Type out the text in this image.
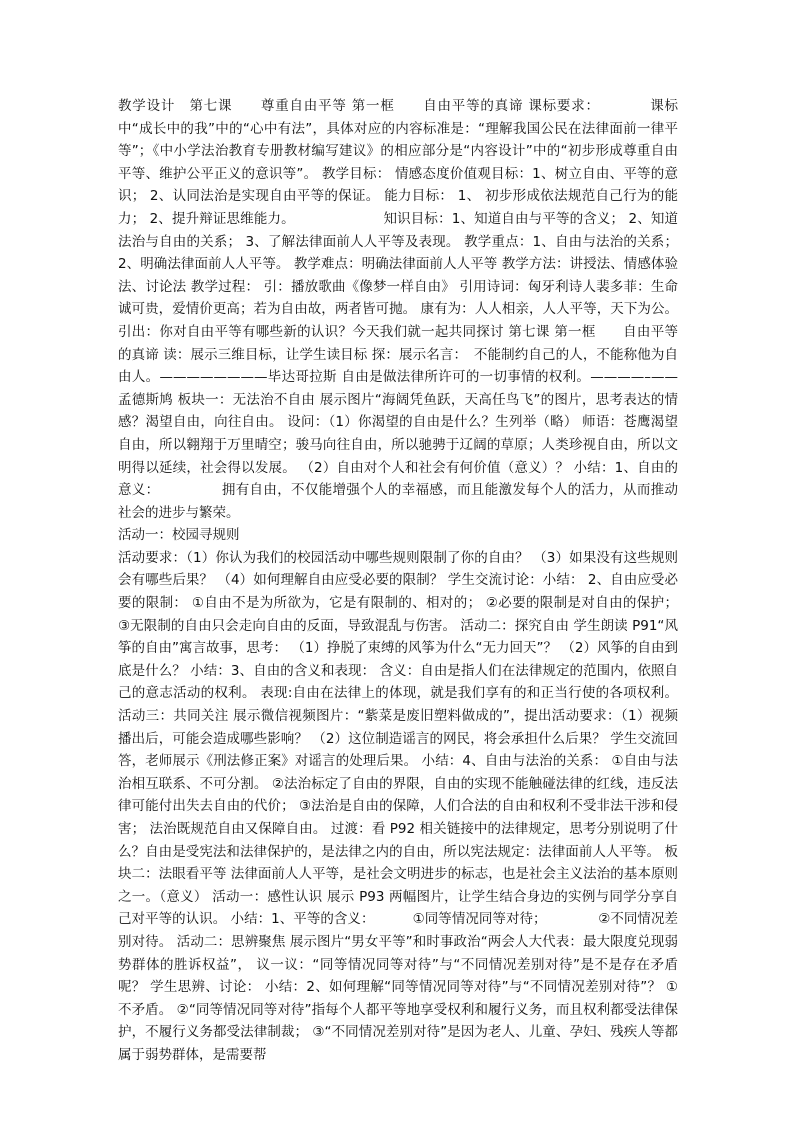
教学设计　第七课　　尊重自由平等 第一框　　自由平等的真谛 课标要求：　　　　课标中“成长中的我”中的“心中有法”，具体对应的内容标准是：“理解我国公民在法律面前一律平等”；《中小学法治教育专册教材编写建议》的相应部分是“内容设计”中的“初步形成尊重自由平等、维护公平正义的意识等”。 教学目标： 情感态度价值观目标：1、树立自由、平等的意识； 2、认同法治是实现自由平等的保证。 能力目标： 1、 初步形成依法规范自己行为的能力； 2、提升辩证思维能力。　　　　　　　知识目标：1、知道自由与平等的含义； 2、知道法治与自由的关系； 3、了解法律面前人人平等及表现。 教学重点：1、自由与法治的关系； 2、明确法律面前人人平等。 教学难点：明确法律面前人人平等 教学方法：讲授法、情感体验法、讨论法 教学过程： 引：播放歌曲《像梦一样自由》 引用诗词：匈牙利诗人裴多菲：生命诚可贵，爱情价更高；若为自由故，两者皆可抛。 康有为：人人相亲，人人平等，天下为公。 引出：你对自由平等有哪些新的认识？今天我们就一起共同探讨 第七课 第一框　　自由平等的真谛 读：展示三维目标，让学生读目标 探：展示名言：　不能制约自己的人，不能称他为自由人。————————毕达哥拉斯 自由是做法律所许可的一切事情的权利。————–——孟德斯鸠 板块一：无法治不自由 展示图片“海阔凭鱼跃，天高任鸟飞”的图片，思考表达的情感？渴望自由，向往自由。 设问：（1）你渴望的自由是什么？生列举（略） 师语：苍鹰渴望自由，所以翱翔于万里晴空；骏马向往自由，所以驰骋于辽阔的草原；人类珍视自由，所以文明得以延续，社会得以发展。 （2）自由对个人和社会有何价值（意义）？ 小结：1、自由的意义：　　　　　拥有自由，不仅能增强个人的幸福感，而且能激发每个人的活力，从而推动社会的进步与繁荣。

活动一：校园寻规则

活动要求：（1）你认为我们的校园活动中哪些规则限制了你的自由？ （3）如果没有这些规则会有哪些后果？ （4）如何理解自由应受必要的限制？ 学生交流讨论：小结： 2、自由应受必要的限制： ①自由不是为所欲为，它是有限制的、相对的； ②必要的限制是对自由的保护； ③无限制的自由只会走向自由的反面，导致混乱与伤害。 活动二：探究自由 学生朗读 P91“风筝的自由”寓言故事，思考： （1）挣脱了束缚的风筝为什么“无力回天”？ （2）风筝的自由到底是什么？ 小结：3、自由的含义和表现： 含义：自由是指人们在法律规定的范围内，依照自己的意志活动的权利。 表现:自由在法律上的体现，就是我们享有的和正当行使的各项权利。 活动三：共同关注 展示微信视频图片：“紫菜是废旧塑料做成的”，提出活动要求：（1）视频播出后，可能会造成哪些影响？ （2）这位制造谣言的网民，将会承担什么后果？ 学生交流回答，老师展示《刑法修正案》对谣言的处理后果。 小结：4、自由与法治的关系： ①自由与法治相互联系、不可分割。 ②法治标定了自由的界限，自由的实现不能触碰法律的红线，违反法律可能付出失去自由的代价； ③法治是自由的保障，人们合法的自由和权利不受非法干涉和侵害； 法治既规范自由又保障自由。 过渡：看 P92 相关链接中的法律规定，思考分别说明了什么？自由是受宪法和法律保护的，是法律之内的自由，所以宪法规定：法律面前人人平等。 板块二：法眼看平等 法律面前人人平等，是社会文明进步的标志，也是社会主义法治的基本原则之一。（意义） 活动一：感性认识 展示 P93 两幅图片，让学生结合身边的实例与同学分享自己对平等的认识。 小结：1、平等的含义：　　　 ①同等情况同等对待；　　　　 ②不同情况差别对待。 活动二：思辨聚焦 展示图片“男女平等”和时事政治“两会人大代表：最大限度兑现弱势群体的胜诉权益”， 议一议：“同等情况同等对待”与“不同情况差别对待”是不是存在矛盾呢？ 学生思辨、讨论： 小结：2、如何理解“同等情况同等对待”与“不同情况差别对待”？ ①不矛盾。 ②“同等情况同等对待”指每个人都平等地享受权利和履行义务，而且权利都受法律保护，不履行义务都受法律制裁； ③“不同情况差别对待”是因为老人、儿童、孕妇、残疾人等都属于弱势群体，是需要帮
